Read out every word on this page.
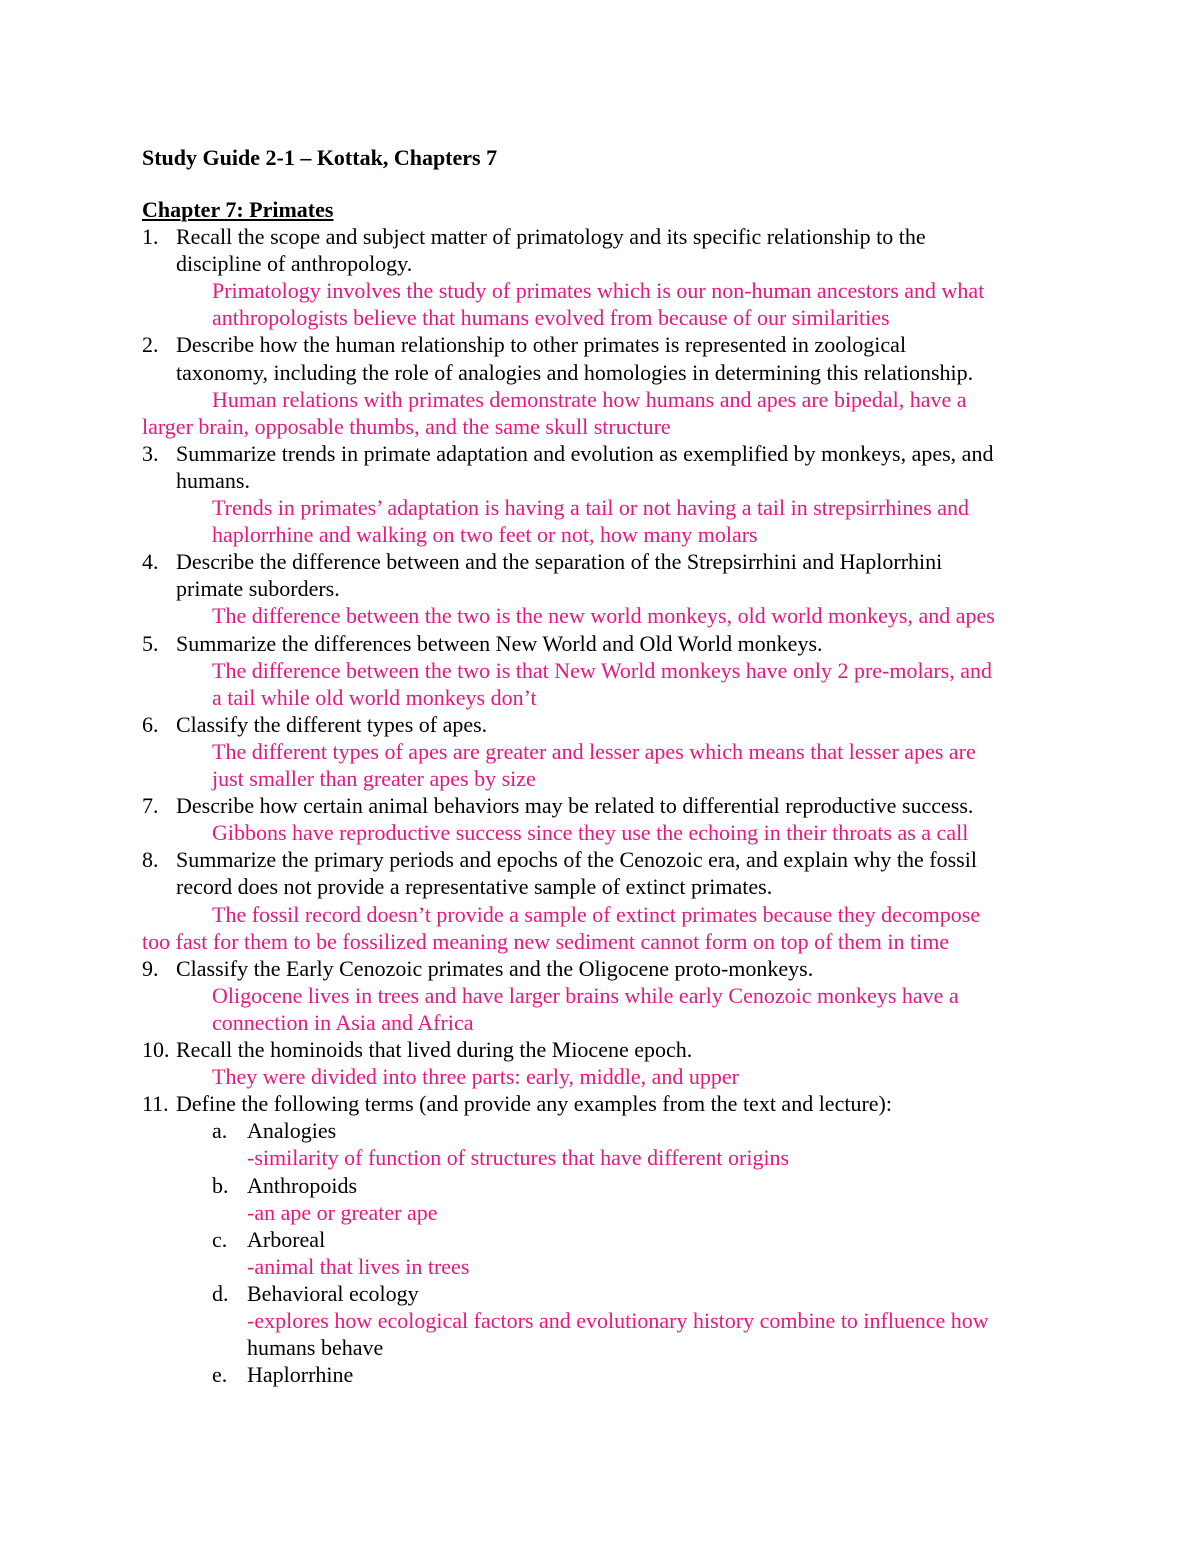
Study Guide 2-1 – Kottak, Chapters 7
Chapter 7: Primates
1. Recall the scope and subject matter of primatology and its specific relationship to the
discipline of anthropology.
Primatology involves the study of primates which is our non-human ancestors and what
anthropologists believe that humans evolved from because of our similarities
2. Describe how the human relationship to other primates is represented in zoological
taxonomy, including the role of analogies and homologies in determining this relationship.
Human relations with primates demonstrate how humans and apes are bipedal, have a
larger brain, opposable thumbs, and the same skull structure
3. Summarize trends in primate adaptation and evolution as exemplified by monkeys, apes, and
humans.
Trends in primates’ adaptation is having a tail or not having a tail in strepsirrhines and
haplorrhine and walking on two feet or not, how many molars
4. Describe the difference between and the separation of the Strepsirrhini and Haplorrhini
primate suborders.
The difference between the two is the new world monkeys, old world monkeys, and apes
5. Summarize the differences between New World and Old World monkeys.
The difference between the two is that New World monkeys have only 2 pre-molars, and
a tail while old world monkeys don’t
6. Classify the different types of apes.
The different types of apes are greater and lesser apes which means that lesser apes are
just smaller than greater apes by size
7. Describe how certain animal behaviors may be related to differential reproductive success.
Gibbons have reproductive success since they use the echoing in their throats as a call
8. Summarize the primary periods and epochs of the Cenozoic era, and explain why the fossil
record does not provide a representative sample of extinct primates.
The fossil record doesn’t provide a sample of extinct primates because they decompose
too fast for them to be fossilized meaning new sediment cannot form on top of them in time
9. Classify the Early Cenozoic primates and the Oligocene proto-monkeys.
Oligocene lives in trees and have larger brains while early Cenozoic monkeys have a
connection in Asia and Africa
10. Recall the hominoids that lived during the Miocene epoch.
They were divided into three parts: early, middle, and upper
11. Define the following terms (and provide any examples from the text and lecture):
a. Analogies
-similarity of function of structures that have different origins
b. Anthropoids
-an ape or greater ape
c. Arboreal
-animal that lives in trees
d. Behavioral ecology
-explores how ecological factors and evolutionary history combine to influence how
humans behave
e. Haplorrhine
